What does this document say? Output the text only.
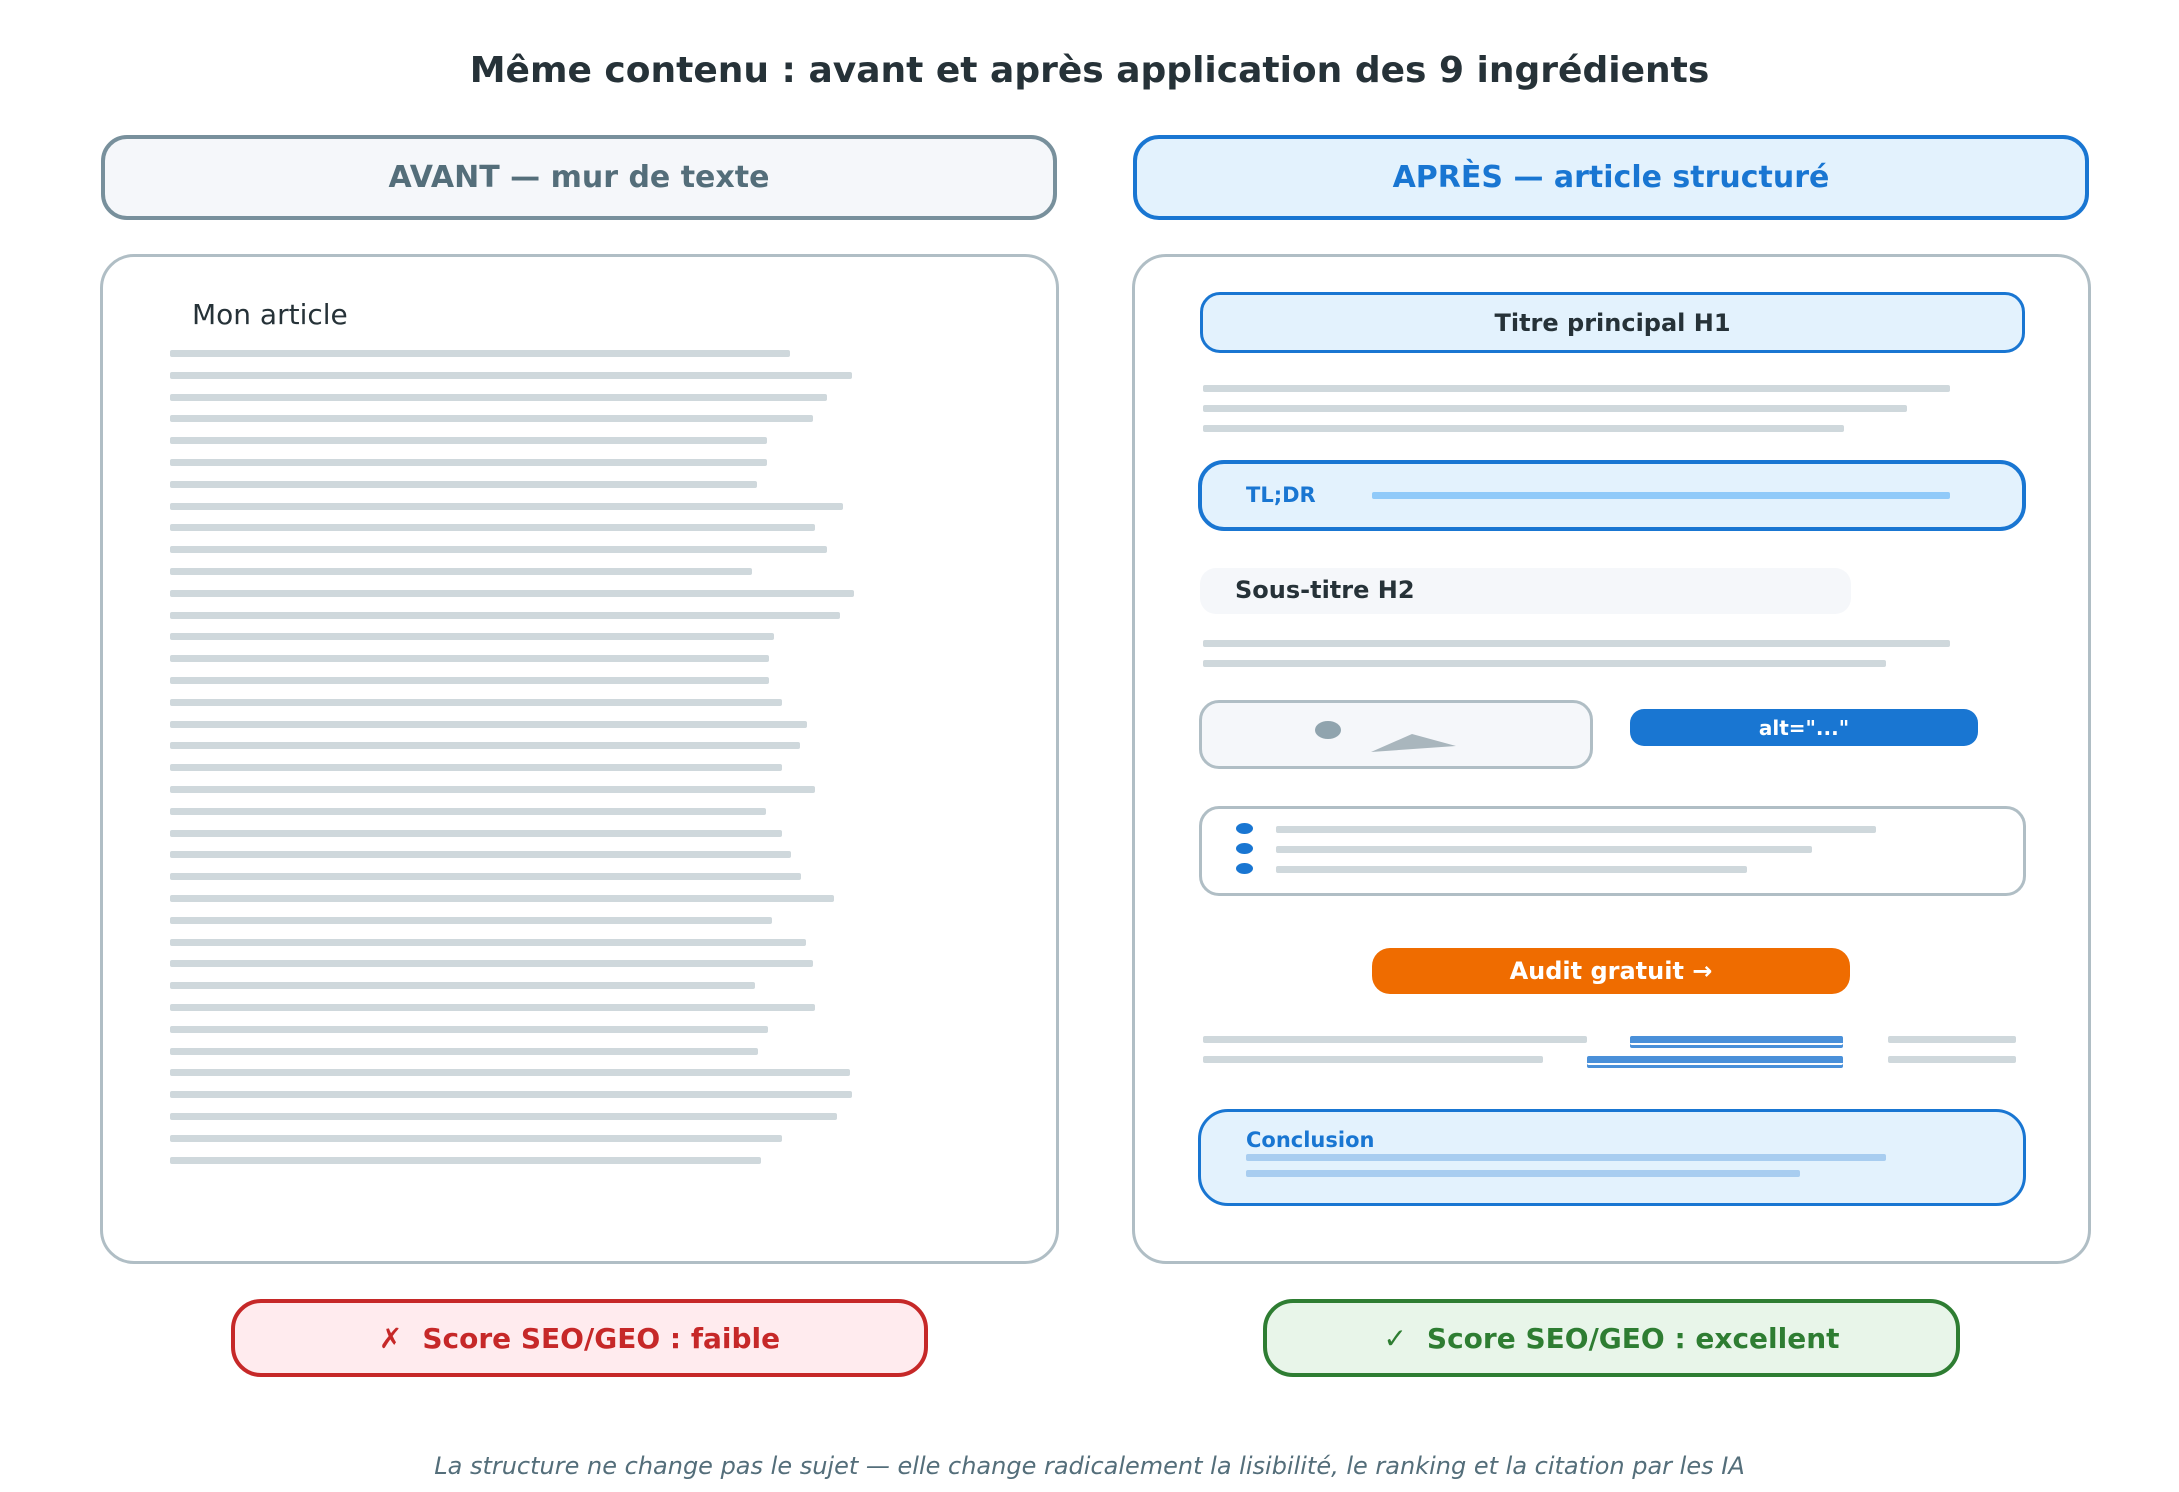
Même contenu : avant et après application des 9 ingrédients
AVANT — mur de texte	APRÈS — article structuré
Mon article	Titre principal H1
TL;DR
Sous-titre H2
alt="..."
Audit gratuit →
Conclusion
✗ Score SEO/GEO : faible	✓ Score SEO/GEO : excellent
La structure ne change pas le sujet — elle change radicalement la lisibilité, le ranking et la citation par les IA
